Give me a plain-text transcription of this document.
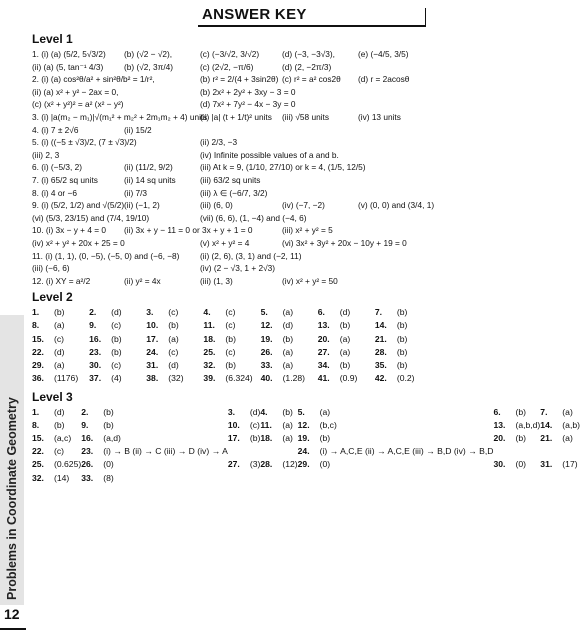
Problems in Coordinate Geometry
12
ANSWER KEY
Level 1
1. (i) (a) (5/2, 5√3/2)	(b) (√2 − √2),	(c) (−3/√2, 3/√2)	(d) (−3, −3√3),	(e) (−4/5, 3/5)
(ii) (a) (5, tan⁻¹ 4/3)	(b) (√2, 3π/4)	(c) (2√2, −π/6)	(d) (2, −2π/3)
2. (i) (a) cos²θ/a² + sin²θ/b² = 1/r²,	(b) r² = 2/(4 + 3sin2θ) (c) r² = a² cos2θ	(d) r = 2acosθ
(ii) (a) x² + y² − 2ax = 0,	(b) 2x² + 2y² + 3xy − 3 = 0
(c) (x² + y²)² = a² (x² − y²)	(d) 7x² + 7y² − 4x − 3y = 0
3. (i) |a(m₂ − m₁)|√(m₁² + m₂² + 2m₁m₂ + 4) units
(ii) |a| (t + 1/t)² units	(iii) √58 units	(iv) 13 units
4. (i) 7 ± 2√6	(ii) 15/2
5. (i) ((−5 ± √3)/2, (7 ± √3)/2)	(ii) 2/3, −3
(iii) 2, 3	(iv) Infinite possible values of a and b.
6. (i) (−5/3, 2)	(ii) (11/2, 9/2)	(iii) At k = 9, (1/10, 27/10) or k = 4, (1/5, 12/5)
7. (i) 65/2 sq units	(ii) 14 sq units	(iii) 63/2 sq units
8. (i) 4 or −6	(ii) 7/3	(iii) λ ∈ (−6/7, 3/2)
9. (i) (5/2, 1/2) and √(5/2) (ii) (−1, 2)	(iii) (6, 0)	(iv) (−7, −2)	(v) (0, 0) and (3/4, 1)
(vi) (5/3, 23/15) and (7/4, 19/10)	(vii) (6, 6), (1, −4) and (−4, 6)
10. (i) 3x − y + 4 = 0	(ii) 3x + y − 11 = 0 or 3x + y + 1 = 0	(iii) x² + y² = 5
(iv) x² + y² + 20x + 25 = 0	(v) x² + y² = 4	(vi) 3x² + 3y² + 20x − 10y + 19 = 0
11. (i) (1, 1), (0, −5), (−5, 0) and (−6, −8) (ii) (2, 6), (3, 1) and (−2, 11)
(iii) (−6, 6)	(iv) (2 − √3, 1 + 2√3)
12. (i) XY = a²/2	(ii) y² = 4x	(iii) (1, 3)	(iv) x² + y² = 50
Level 2
1. (b)	2. (d)	3. (c)	4. (c)	5. (a)	6. (d)	7. (b)
8. (a)	9. (c)	10. (b)	11. (c)	12. (d)	13. (b)	14. (b)
15. (c)	16. (b)	17. (a)	18. (b)	19. (b)	20. (a)	21. (b)
22. (d)	23. (b)	24. (c)	25. (c)	26. (a)	27. (a)	28. (b)
29. (a)	30. (c)	31. (d)	32. (b)	33. (a)	34. (b)	35. (b)
36. (1176)	37. (4)	38. (32)	39. (6.324) 40. (1.28)	41. (0.9)	42. (0.2)
Level 3
1. (d)	2. (b)	3. (d) 4. (b) 5. (a)	6. (b)	7. (a)
8. (b)	9. (b)	10. (c) 11. (a) 12. (b,c)	13. (a,b,d) 14. (a,b)
15. (a,c)	16. (a,d)	17. (b) 18. (a) 19. (b)	20. (b)	21. (a)
22. (c)	23. (i) → B (ii) → C (iii) → D (iv) → A	24. (i) → A,C,E (ii) → A,C,E (iii) → B,D (iv) → B,D
25. (0.625) 26. (0)	27. (3) 28. (12) 29. (0)	30. (0)	31. (17)
32. (14)	33. (8)
